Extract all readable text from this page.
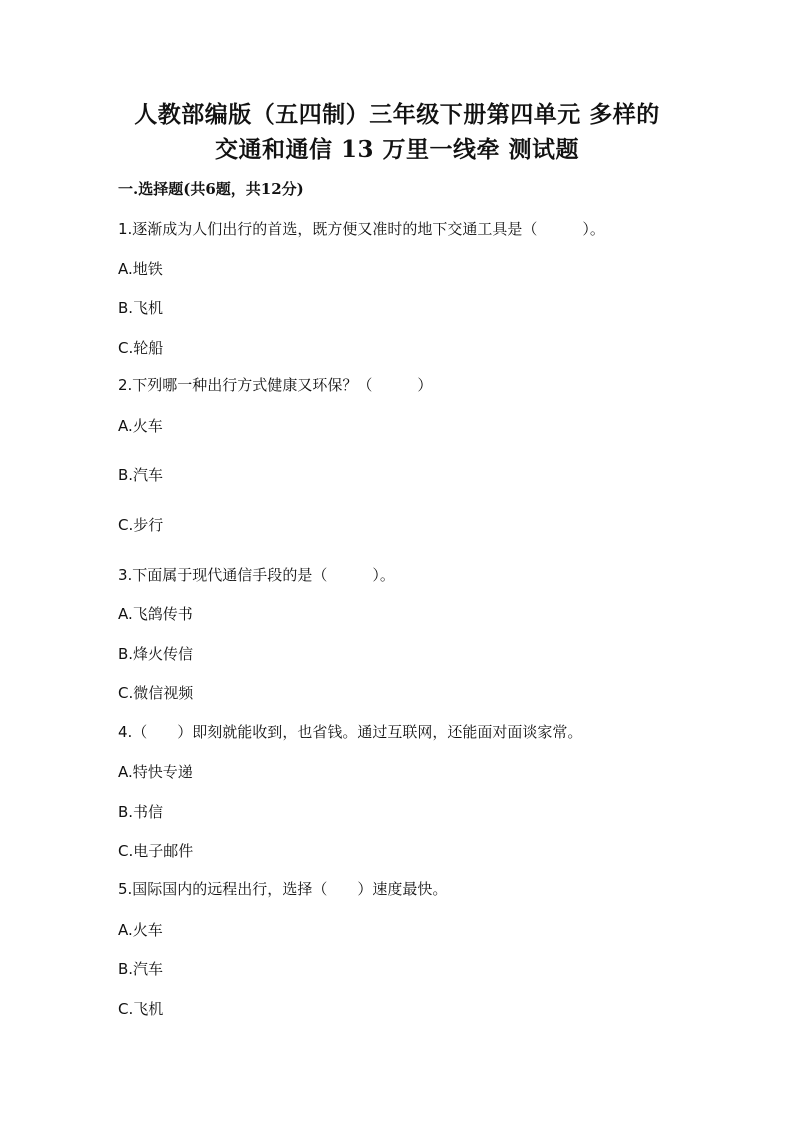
人教部编版（五四制）三年级下册第四单元 多样的
交通和通信 13 万里一线牵 测试题
一.选择题(共6题，共12分)
1.逐渐成为人们出行的首选，既方便又准时的地下交通工具是（　　　）。
A.地铁
B.飞机
C.轮船
2.下列哪一种出行方式健康又环保？（　　　）
A.火车
B.汽车
C.步行
3.下面属于现代通信手段的是（　　　）。
A.飞鸽传书
B.烽火传信
C.微信视频
4.（　　）即刻就能收到，也省钱。通过互联网，还能面对面谈家常。
A.特快专递
B.书信
C.电子邮件
5.国际国内的远程出行，选择（　　）速度最快。
A.火车
B.汽车
C.飞机
